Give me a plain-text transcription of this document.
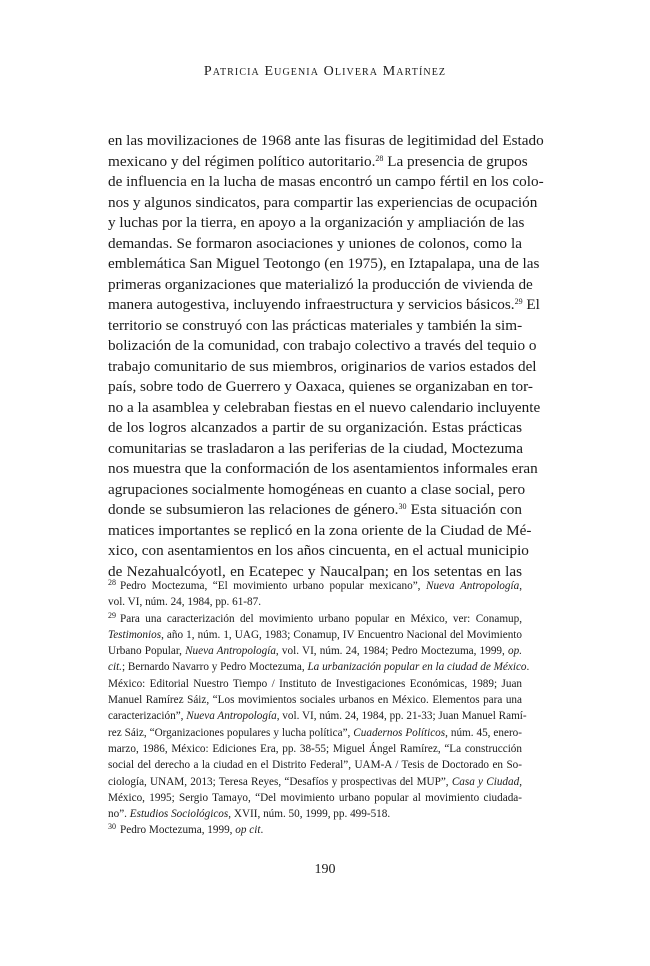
Patricia Eugenia Olivera Martínez
en las movilizaciones de 1968 ante las fisuras de legitimidad del Estado
mexicano y del régimen político autoritario.$^{28}$ La presencia de grupos
de influencia en la lucha de masas encontró un campo fértil en los colo-
nos y algunos sindicatos, para compartir las experiencias de ocupación
y luchas por la tierra, en apoyo a la organización y ampliación de las
demandas. Se formaron asociaciones y uniones de colonos, como la
emblemática San Miguel Teotongo (en 1975), en Iztapalapa, una de las
primeras organizaciones que materializó la producción de vivienda de
manera autogestiva, incluyendo infraestructura y servicios básicos.$^{29}$ El
territorio se construyó con las prácticas materiales y también la sim-
bolización de la comunidad, con trabajo colectivo a través del tequio o
trabajo comunitario de sus miembros, originarios de varios estados del
país, sobre todo de Guerrero y Oaxaca, quienes se organizaban en tor-
no a la asamblea y celebraban fiestas en el nuevo calendario incluyente
de los logros alcanzados a partir de su organización. Estas prácticas
comunitarias se trasladaron a las periferias de la ciudad, Moctezuma
nos muestra que la conformación de los asentamientos informales eran
agrupaciones socialmente homogéneas en cuanto a clase social, pero
donde se subsumieron las relaciones de género.$^{30}$ Esta situación con
matices importantes se replicó en la zona oriente de la Ciudad de Mé-
xico, con asentamientos en los años cincuenta, en el actual municipio
de Nezahualcóyotl, en Ecatepec y Naucalpan; en los setentas en las
$^{28}$ Pedro Moctezuma, “El movimiento urbano popular mexicano”, Nueva Antropología,
vol. VI, núm. 24, 1984, pp. 61-87.
$^{29}$ Para una caracterización del movimiento urbano popular en México, ver: Conamup,
Testimonios, año 1, núm. 1, UAG, 1983; Conamup, IV Encuentro Nacional del Movimiento
Urbano Popular, Nueva Antropología, vol. VI, núm. 24, 1984; Pedro Moctezuma, 1999, op.
cit.; Bernardo Navarro y Pedro Moctezuma, La urbanización popular en la ciudad de México.
México: Editorial Nuestro Tiempo / Instituto de Investigaciones Económicas, 1989; Juan
Manuel Ramírez Sáiz, “Los movimientos sociales urbanos en México. Elementos para una
caracterización”, Nueva Antropología, vol. VI, núm. 24, 1984, pp. 21-33; Juan Manuel Ramí-
rez Sáiz, “Organizaciones populares y lucha política”, Cuadernos Políticos, núm. 45, enero-
marzo, 1986, México: Ediciones Era, pp. 38-55; Miguel Ángel Ramírez, “La construcción
social del derecho a la ciudad en el Distrito Federal”, UAM-A / Tesis de Doctorado en So-
ciología, UNAM, 2013; Teresa Reyes, “Desafíos y prospectivas del MUP”, Casa y Ciudad,
México, 1995; Sergio Tamayo, “Del movimiento urbano popular al movimiento ciudada-
no”. Estudios Sociológicos, XVII, núm. 50, 1999, pp. 499-518.
$^{30}$ Pedro Moctezuma, 1999, op cit.
190
